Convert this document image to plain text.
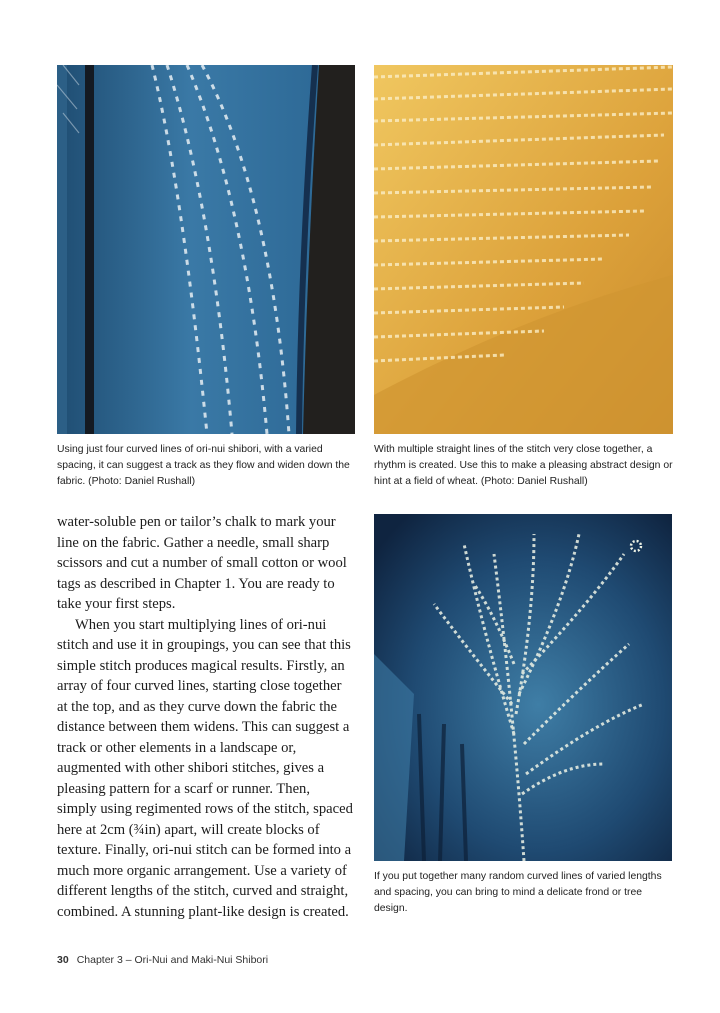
Using just four curved lines of ori-nui shibori, with a varied spacing, it can suggest a track as they flow and widen down the fabric. (Photo: Daniel Rushall)

With multiple straight lines of the stitch very close together, a rhythm is created. Use this to make a pleasing abstract design or hint at a field of wheat. (Photo: Daniel Rushall)

water-soluble pen or tailor’s chalk to mark your line on the fabric. Gather a needle, small sharp scissors and cut a number of small cotton or wool tags as described in Chapter 1. You are ready to take your first steps.

When you start multiplying lines of ori-nui stitch and use it in groupings, you can see that this simple stitch produces magical results. Firstly, an array of four curved lines, starting close together at the top, and as they curve down the fabric the distance between them widens. This can suggest a track or other elements in a landscape or, augmented with other shibori stitches, gives a pleasing pattern for a scarf or runner. Then, simply using regimented rows of the stitch, spaced here at 2cm (¾in) apart, will create blocks of texture. Finally, ori-nui stitch can be formed into a much more organic arrangement. Use a variety of different lengths of the stitch, curved and straight, combined. A stunning plant-like design is created.

If you put together many random curved lines of varied lengths and spacing, you can bring to mind a delicate frond or tree design.

30 Chapter 3 – Ori-Nui and Maki-Nui Shibori
